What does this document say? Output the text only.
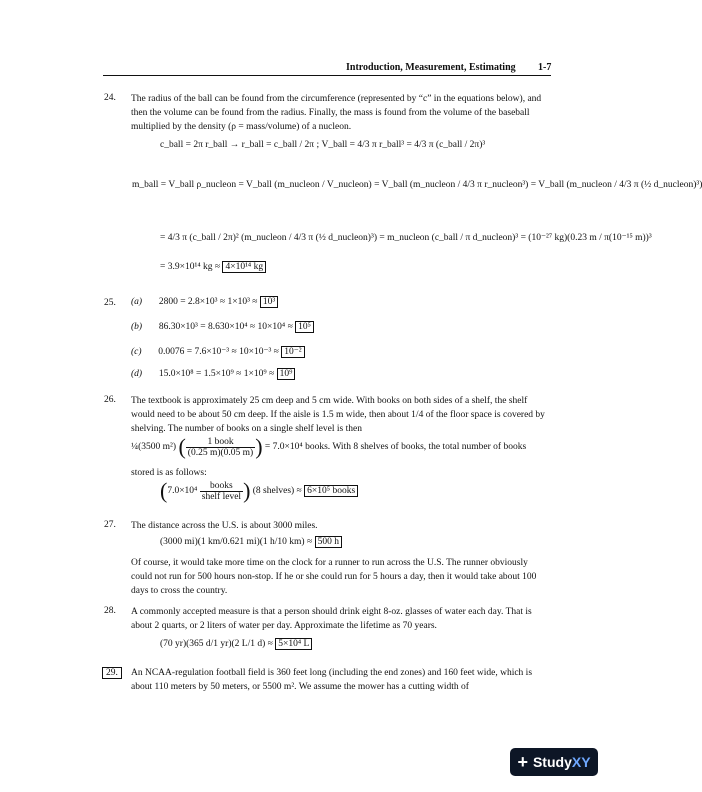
Introduction, Measurement, Estimating 1-7
24. The radius of the ball can be found from the circumference (represented by “c” in the equations below), and then the volume can be found from the radius. Finally, the mass is found from the volume of the baseball multiplied by the density (ρ = mass/volume) of a nucleon.
c_ball = 2π r_ball → r_ball = c_ball / 2π ; V_ball = 4/3 π r_ball³ = 4/3 π (c_ball / 2π)³
m_ball = V_ball ρ_nucleon = V_ball (m_nucleon / V_nucleon) = V_ball (m_nucleon / 4/3 π r_nucleon³) = V_ball (m_nucleon / 4/3 π (½ d_nucleon)³)
= 4/3 π (c_ball / 2π)² (m_nucleon / 4/3 π (½ d_nucleon)³) = m_nucleon (c_ball / π d_nucleon)³ = (10⁻²⁷ kg)(0.23 m / π(10⁻¹⁵ m))³
= 3.9×10¹⁴ kg ≈ 4×10¹⁴ kg
25. (a) 2800 = 2.8×10³ ≈ 1×10³ ≈ 10³
(b) 86.30×10³ = 8.630×10⁴ ≈ 10×10⁴ ≈ 10⁵
(c) 0.0076 = 7.6×10⁻³ ≈ 10×10⁻³ ≈ 10⁻²
(d) 15.0×10⁸ = 1.5×10⁹ ≈ 1×10⁹ ≈ 10⁹
26. The textbook is approximately 25 cm deep and 5 cm wide. With books on both sides of a shelf, the shelf would need to be about 50 cm deep. If the aisle is 1.5 m wide, then about 1/4 of the floor space is covered by shelving. The number of books on a single shelf level is then
¼(3500 m²) ( $\frac{\text{1 book}}{(0.25 m)(0.05 m)}$ ) = 7.0×10⁴ books. With 8 shelves of books, the total number of books
stored is as follows:
($7.0\times 10^4 \frac{\text{books}}{\text{shelf level}}$ ) (8 shelves) ≈ 6×10⁵ books
27. The distance across the U.S. is about 3000 miles.
(3000 mi)(1 km/0.621 mi)(1 h/10 km) ≈ 500 h
Of course, it would take more time on the clock for a runner to run across the U.S. The runner obviously could not run for 500 hours non-stop. If he or she could run for 5 hours a day, then it would take about 100 days to cross the country.
28. A commonly accepted measure is that a person should drink eight 8-oz. glasses of water each day. That is about 2 quarts, or 2 liters of water per day. Approximate the lifetime as 70 years.
(70 yr)(365 d/1 yr)(2 L/1 d) ≈ 5×10⁴ L
29.	An NCAA-regulation football field is 360 feet long (including the end zones) and 160 feet wide, which is about 110 meters by 50 meters, or 5500 m². We assume the mower has a cutting width of
+ Study XY
